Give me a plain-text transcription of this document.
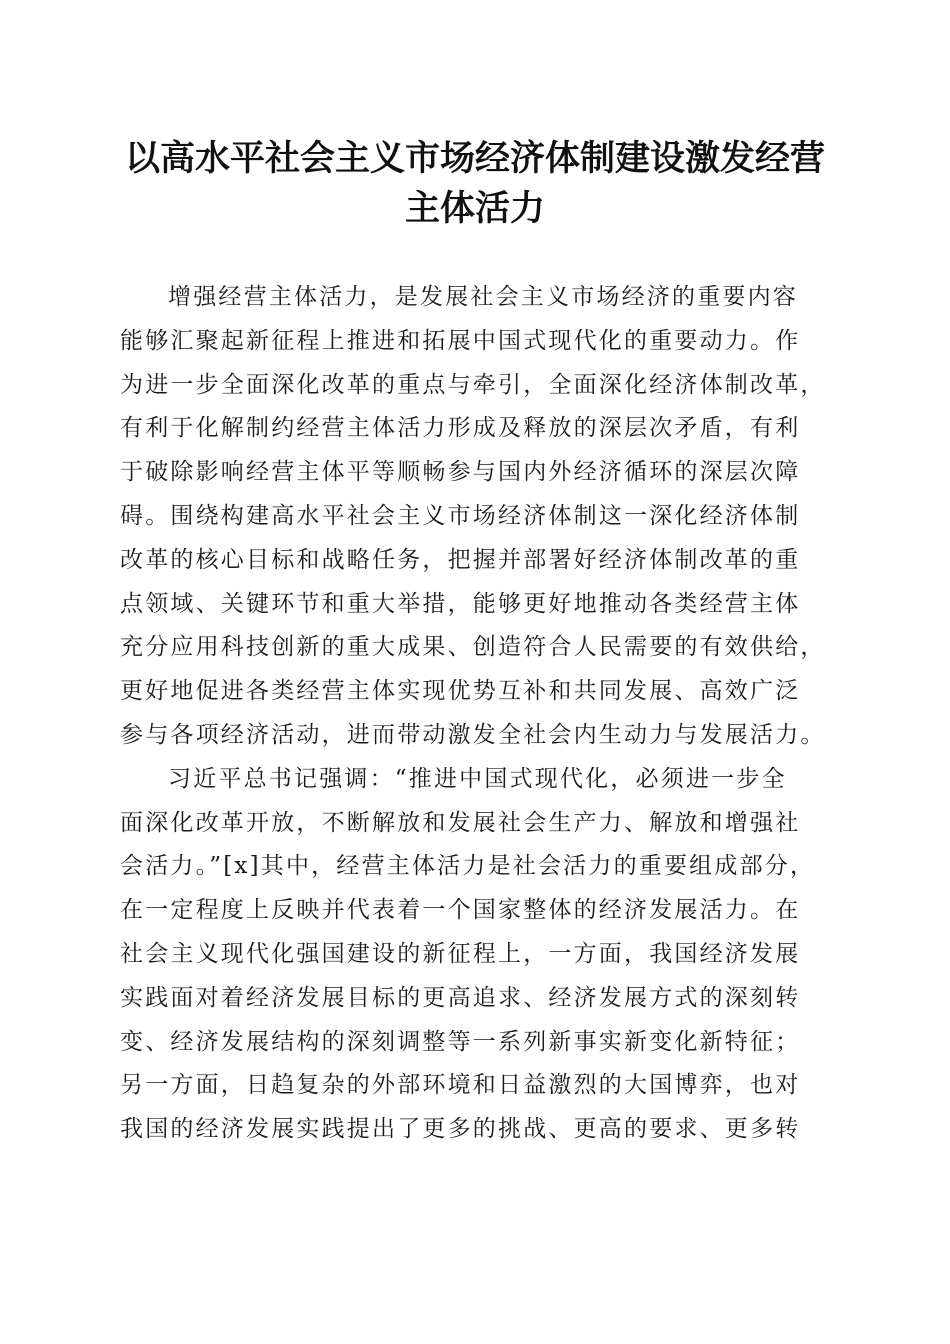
以高水平社会主义市场经济体制建设激发经营
主体活力
增强经营主体活力，是发展社会主义市场经济的重要内容
能够汇聚起新征程上推进和拓展中国式现代化的重要动力。作
为进一步全面深化改革的重点与牵引，全面深化经济体制改革，
有利于化解制约经营主体活力形成及释放的深层次矛盾，有利
于破除影响经营主体平等顺畅参与国内外经济循环的深层次障
碍。围绕构建高水平社会主义市场经济体制这一深化经济体制
改革的核心目标和战略任务，把握并部署好经济体制改革的重
点领域、关键环节和重大举措，能够更好地推动各类经营主体
充分应用科技创新的重大成果、创造符合人民需要的有效供给，
更好地促进各类经营主体实现优势互补和共同发展、高效广泛
参与各项经济活动，进而带动激发全社会内生动力与发展活力。
习近平总书记强调：“推进中国式现代化，必须进一步全
面深化改革开放，不断解放和发展社会生产力、解放和增强社
会活力。”[x]其中，经营主体活力是社会活力的重要组成部分，
在一定程度上反映并代表着一个国家整体的经济发展活力。在
社会主义现代化强国建设的新征程上，一方面，我国经济发展
实践面对着经济发展目标的更高追求、经济发展方式的深刻转
变、经济发展结构的深刻调整等一系列新事实新变化新特征；
另一方面，日趋复杂的外部环境和日益激烈的大国博弈，也对
我国的经济发展实践提出了更多的挑战、更高的要求、更多转
